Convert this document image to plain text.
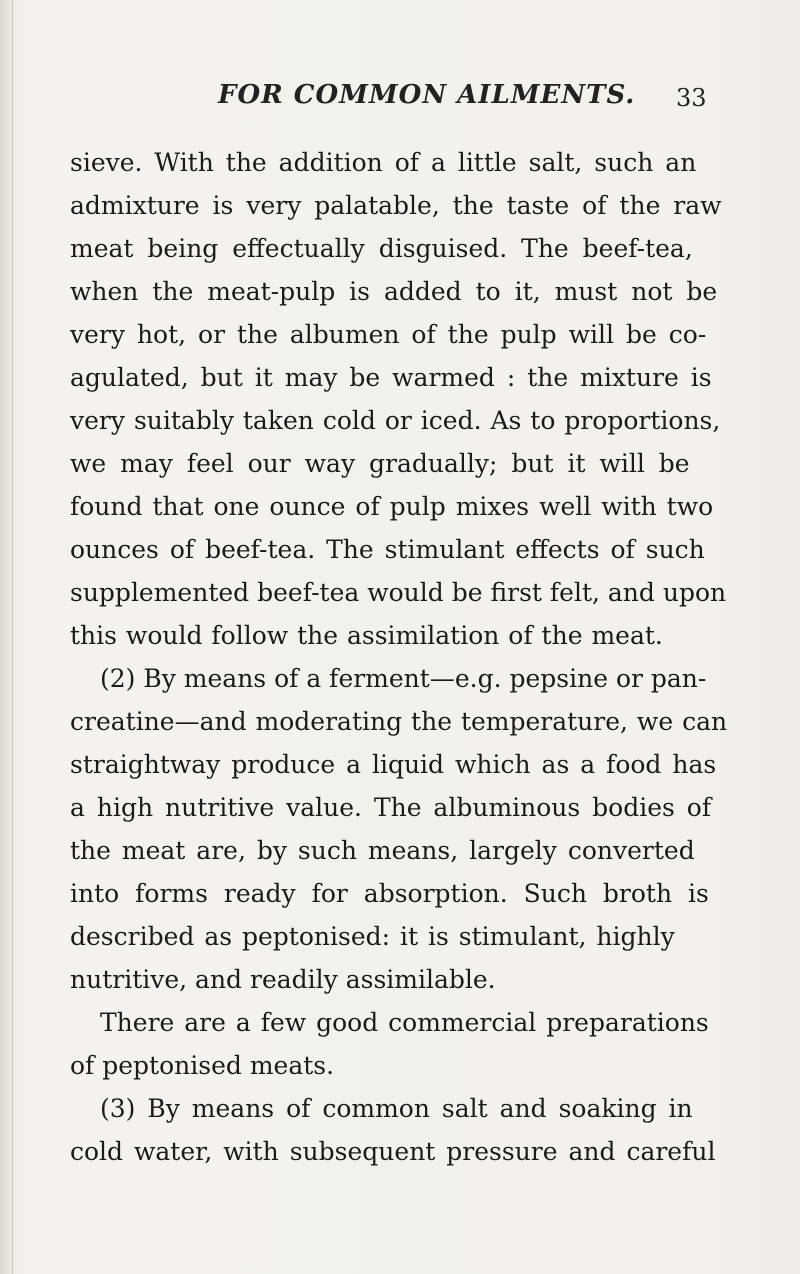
FOR COMMON AILMENTS. 33
sieve. With the addition of a little salt, such an
admixture is very palatable, the taste of the raw
meat being effectually disguised. The beef-tea,
when the meat-pulp is added to it, must not be
very hot, or the albumen of the pulp will be co-
agulated, but it may be warmed : the mixture is
very suitably taken cold or iced. As to proportions,
we may feel our way gradually; but it will be
found that one ounce of pulp mixes well with two
ounces of beef-tea. The stimulant effects of such
supplemented beef-tea would be first felt, and upon
this would follow the assimilation of the meat.
(2) By means of a ferment—e.g. pepsine or pan-
creatine—and moderating the temperature, we can
straightway produce a liquid which as a food has
a high nutritive value. The albuminous bodies of
the meat are, by such means, largely converted
into forms ready for absorption. Such broth is
described as peptonised: it is stimulant, highly
nutritive, and readily assimilable.
There are a few good commercial preparations
of peptonised meats.
(3) By means of common salt and soaking in
cold water, with subsequent pressure and careful
